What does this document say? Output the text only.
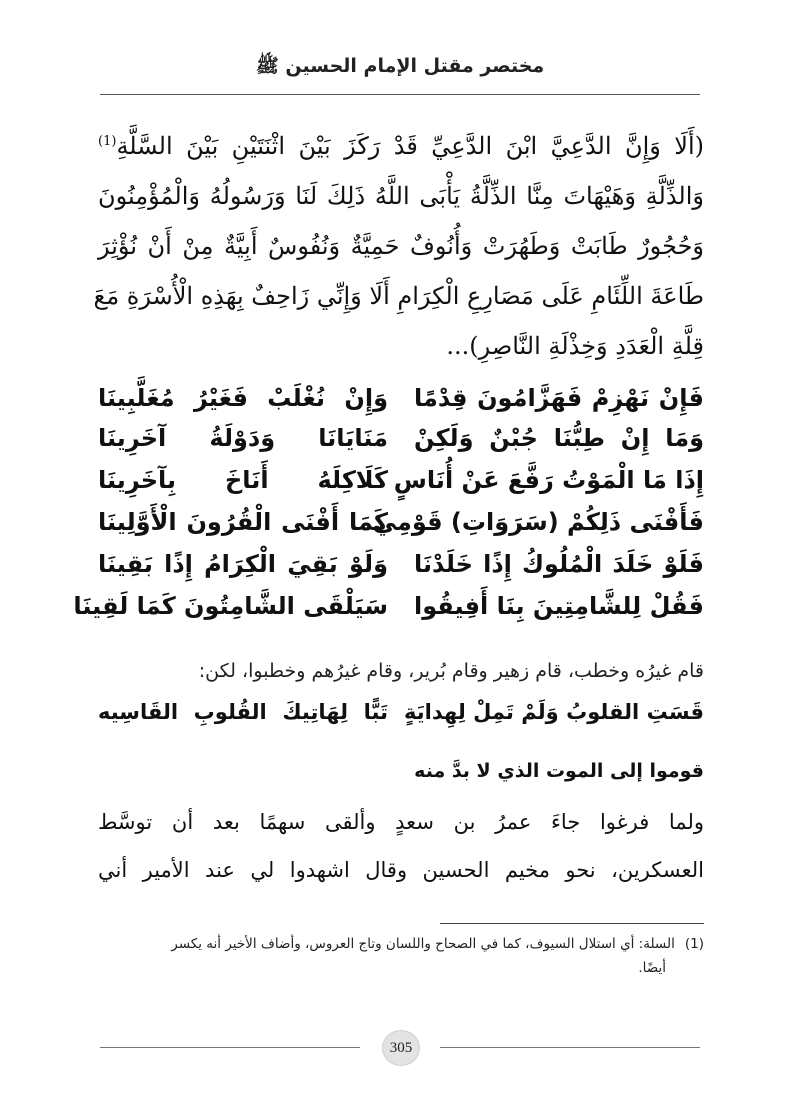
مختصر مقتل الإمام الحسين ﷺ
(أَلَا وَإِنَّ الدَّعِيَّ ابْنَ الدَّعِيِّ قَدْ رَكَزَ بَيْنَ اثْنَتَيْنِ بَيْنَ السَّلَّةِ$^{(1)}$
وَالذِّلَّةِ وَهَيْهَاتَ مِنَّا الذِّلَّةُ يَأْبَى اللَّهُ ذَلِكَ لَنَا وَرَسُولُهُ وَالْمُؤْمِنُونَ
وَحُجُورٌ طَابَتْ وَطَهُرَتْ وَأُنُوفٌ حَمِيَّةٌ وَنُفُوسٌ أَبِيَّةٌ مِنْ أَنْ نُؤْثِرَ
طَاعَةَ اللِّئَامِ عَلَى مَصَارِعِ الْكِرَامِ أَلَا وَإِنِّي زَاحِفٌ بِهَذِهِ الْأُسْرَةِ مَعَ
قِلَّةِ الْعَدَدِ وَخِذْلَةِ النَّاصِرِ)...
فَإِنْ نَهْزِمْ فَهَزَّامُونَ قِدْمًا
وَإِنْ نُغْلَبْ فَغَيْرُ مُغَلَّبِينَا
وَمَا إِنْ طِبُّنَا جُبْنٌ وَلَكِنْ
مَنَايَانَا وَدَوْلَةُ آخَرِينَا
إِذَا مَا الْمَوْتُ رَفَّعَ عَنْ أُنَاسٍ
كَلَاكِلَهُ أَنَاخَ بِآخَرِينَا
فَأَفْنَى ذَلِكُمْ (سَرَوَاتِ) قَوْمِي
كَمَا أَفْنَى الْقُرُونَ الْأَوَّلِينَا
فَلَوْ خَلَدَ الْمُلُوكُ إِذًا خَلَدْنَا
وَلَوْ بَقِيَ الْكِرَامُ إِذًا بَقِينَا
فَقُلْ لِلشَّامِتِينَ بِنَا أَفِيقُوا
سَيَلْقَى الشَّامِتُونَ كَمَا لَقِينَا
قام غيرُه وخطب، قام زهير وقام بُرير، وقام غيرُهم وخطبوا، لكن:
قَسَتِ القلوبُ وَلَمْ تَمِلْ لِهِدايَةٍ
تَبًّا لِهَاتِيكَ القُلوبِ القَاسِيه
قوموا إلى الموت الذي لا بدَّ منه
ولما فرغوا جاءَ عمرُ بن سعدٍ وألقى سهمًا بعد أن توسَّط
العسكرين، نحو مخيم الحسين وقال اشهدوا لي عند الأمير أني
(1)السلة: أي استلال السيوف، كما في الصحاح واللسان وتاج العروس، وأضاف الأخير أنه يكسر
أيضًا.
305
